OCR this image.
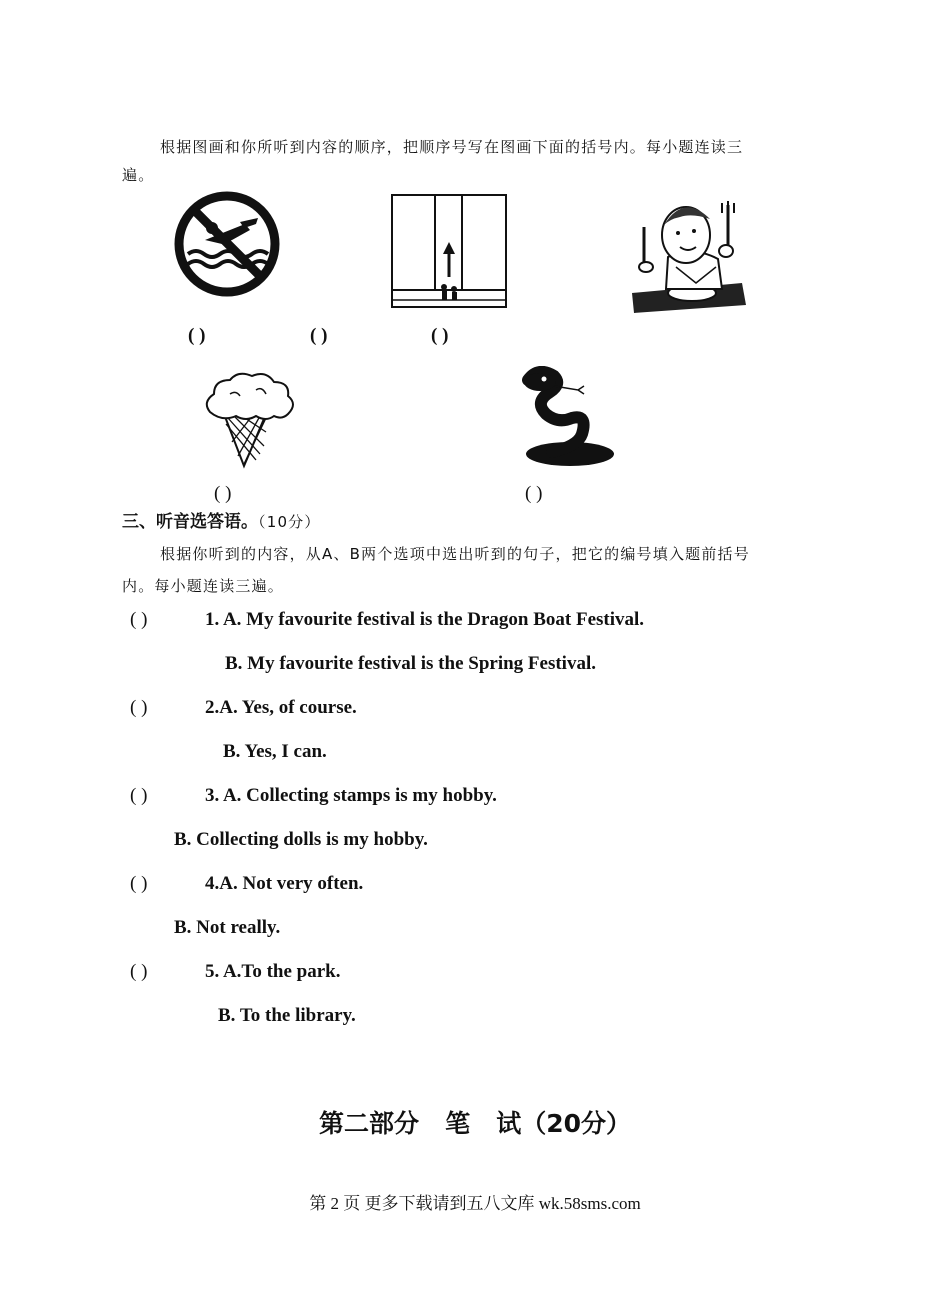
根据图画和你所听到内容的顺序，把顺序号写在图画下面的括号内。每小题连读三
遍。
( )	( )	( )
( )	( )
三、听音选答语。（10分）
根据你听到的内容，从A、B两个选项中选出听到的句子，把它的编号填入题前括号
内。每小题连读三遍。
( )	1. A. My favourite festival is the Dragon Boat Festival.
B. My favourite festival is the Spring Festival.
( )	2.A. Yes, of course.
B. Yes, I can.
( )	3. A. Collecting stamps is my hobby.
B. Collecting dolls is my hobby.
( )	4.A. Not very often.
B. Not really.
( )	5. A.To the park.
B. To the library.
第二部分   笔   试（20分）
第 2 页 更多下载请到五八文库 wk.58sms.com
